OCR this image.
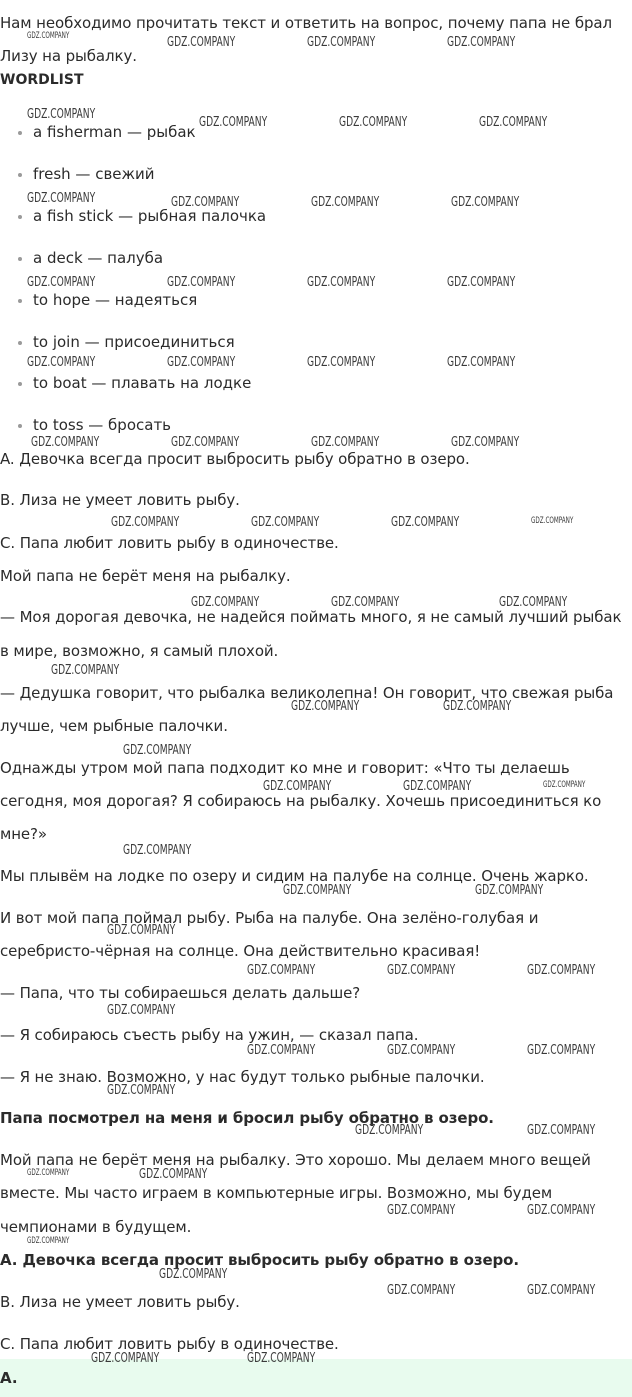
Нам необходимо прочитать текст и ответить на вопрос, почему папа не брал Лизу на рыбалку.
WORDLIST
a fisherman — рыбак
fresh — свежий
a fish stick — рыбная палочка
a deck — палуба
to hope — надеяться
to join — присоединиться
to boat — плавать на лодке
to toss — бросать
A. Девочка всегда просит выбросить рыбу обратно в озеро.
B. Лиза не умеет ловить рыбу.
C. Папа любит ловить рыбу в одиночестве.
Мой папа не берёт меня на рыбалку.
— Моя дорогая девочка, не надейся поймать много, я не самый лучший рыбак
в мире, возможно, я самый плохой.
— Дедушка говорит, что рыбалка великолепна! Он говорит, что свежая рыба
лучше, чем рыбные палочки.
Однажды утром мой папа подходит ко мне и говорит: «Что ты делаешь
сегодня, моя дорогая? Я собираюсь на рыбалку. Хочешь присоединиться ко
мне?»
Мы плывём на лодке по озеру и сидим на палубе на солнце. Очень жарко.
И вот мой папа поймал рыбу. Рыба на палубе. Она зелёно-голубая и
серебристо-чёрная на солнце. Она действительно красивая!
— Папа, что ты собираешься делать дальше?
— Я собираюсь съесть рыбу на ужин, — сказал папа.
— Я не знаю. Возможно, у нас будут только рыбные палочки.
Папа посмотрел на меня и бросил рыбу обратно в озеро.
Мой папа не берёт меня на рыбалку. Это хорошо. Мы делаем много вещей
вместе. Мы часто играем в компьютерные игры. Возможно, мы будем
чемпионами в будущем.
A. Девочка всегда просит выбросить рыбу обратно в озеро.
B. Лиза не умеет ловить рыбу.
C. Папа любит ловить рыбу в одиночестве.
A.
GDZ.COMPANY	GDZ.COMPANY	GDZ.COMPANY	GDZ.COMPANY
GDZ.COMPANY
GDZ.COMPANY	GDZ.COMPANY	GDZ.COMPANY
GDZ.COMPANY	GDZ.COMPANY	GDZ.COMPANY	GDZ.COMPANY
GDZ.COMPANY	GDZ.COMPANY	GDZ.COMPANY	GDZ.COMPANY
GDZ.COMPANY	GDZ.COMPANY	GDZ.COMPANY	GDZ.COMPANY
GDZ.COMPANY	GDZ.COMPANY	GDZ.COMPANY	GDZ.COMPANY
GDZ.COMPANY	GDZ.COMPANY	GDZ.COMPANY	GDZ.COMPANY
GDZ.COMPANY	GDZ.COMPANY	GDZ.COMPANY
GDZ.COMPANY
GDZ.COMPANY	GDZ.COMPANY
GDZ.COMPANY
GDZ.COMPANY	GDZ.COMPANY	GDZ.COMPANY
GDZ.COMPANY
GDZ.COMPANY	GDZ.COMPANY
GDZ.COMPANY
GDZ.COMPANY	GDZ.COMPANY	GDZ.COMPANY
GDZ.COMPANY
GDZ.COMPANY	GDZ.COMPANY	GDZ.COMPANY
GDZ.COMPANY
GDZ.COMPANY	GDZ.COMPANY
GDZ.COMPANY	GDZ.COMPANY
GDZ.COMPANY	GDZ.COMPANY
GDZ.COMPANY
GDZ.COMPANY
GDZ.COMPANY	GDZ.COMPANY
GDZ.COMPANY	GDZ.COMPANY
